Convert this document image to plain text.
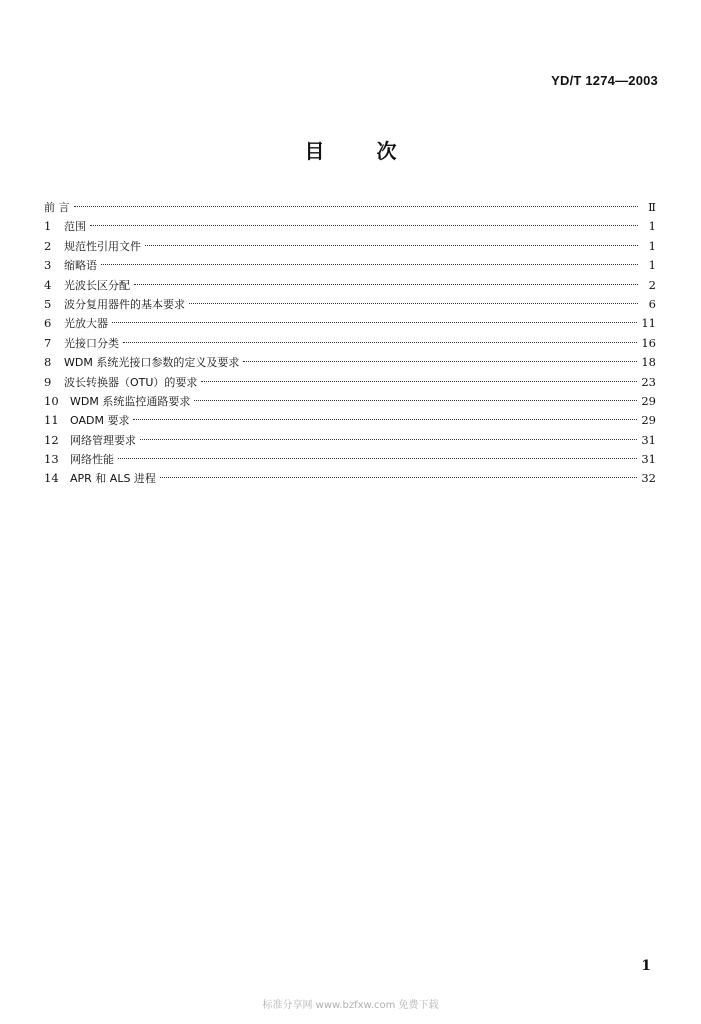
YD/T 1274—2003
目	次
前 言	Ⅱ
1	范围	1
2	规范性引用文件	1
3	缩略语	1
4	光波长区分配	2
5	波分复用器件的基本要求	6
6	光放大器	11
7	光接口分类	16
8	WDM 系统光接口参数的定义及要求	18
9	波长转换器（OTU）的要求	23
10	WDM 系统监控通路要求	29
11	OADM 要求	29
12	网络管理要求	31
13	网络性能	31
14	APR 和 ALS 进程	32
1
标准分享网 www.bzfxw.com 免费下载
